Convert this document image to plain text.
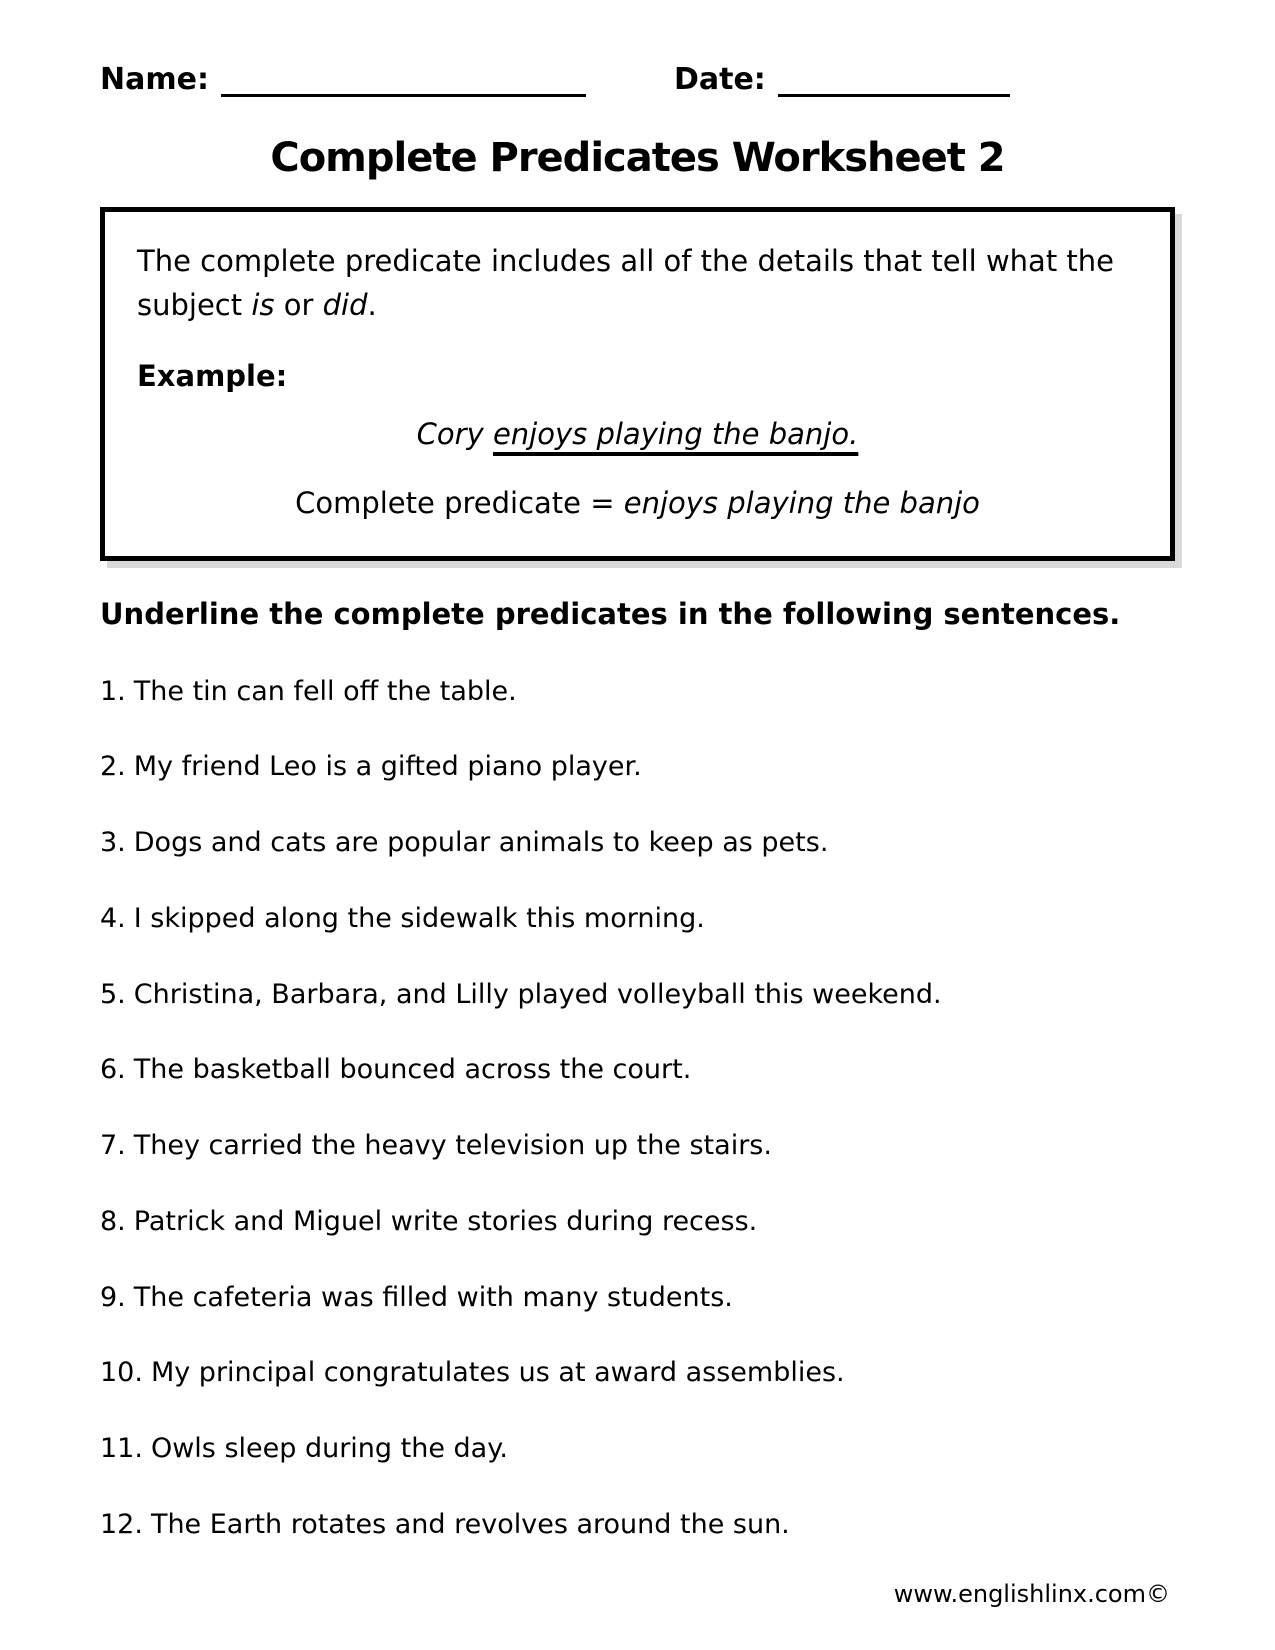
Name:	Date:
Complete Predicates Worksheet 2
The complete predicate includes all of the details that tell what the subject is or did.
Example:
Cory enjoys playing the banjo.
Complete predicate = enjoys playing the banjo
Underline the complete predicates in the following sentences.
1. The tin can fell off the table.
2. My friend Leo is a gifted piano player.
3. Dogs and cats are popular animals to keep as pets.
4. I skipped along the sidewalk this morning.
5. Christina, Barbara, and Lilly played volleyball this weekend.
6. The basketball bounced across the court.
7. They carried the heavy television up the stairs.
8. Patrick and Miguel write stories during recess.
9. The cafeteria was filled with many students.
10. My principal congratulates us at award assemblies.
11. Owls sleep during the day.
12. The Earth rotates and revolves around the sun.
www.englishlinx.com©
